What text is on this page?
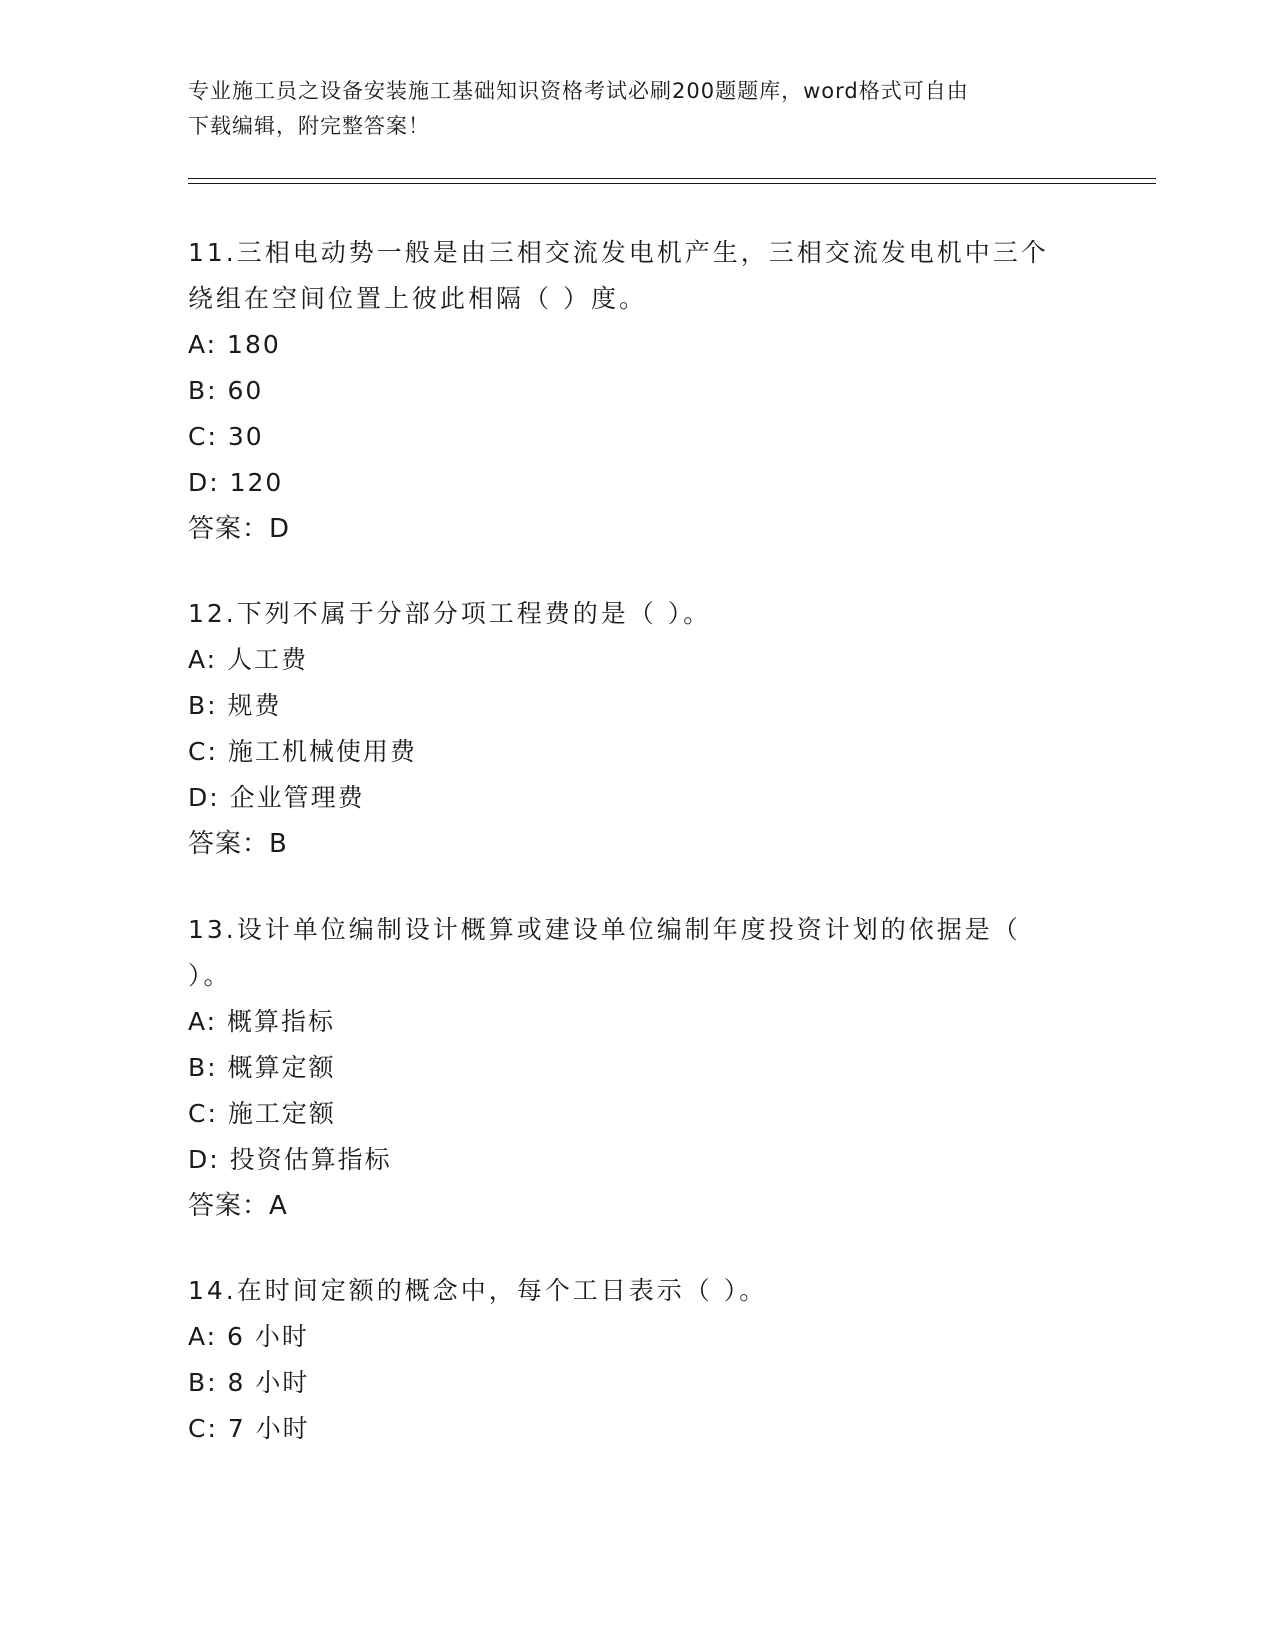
专业施工员之设备安装施工基础知识资格考试必刷200题题库，word格式可自由
下载编辑，附完整答案！
11.三相电动势一般是由三相交流发电机产生，三相交流发电机中三个
绕组在空间位置上彼此相隔（ ）度。
A: 180
B: 60
C: 30
D: 120
答案：D
12.下列不属于分部分项工程费的是（ ）。
A: 人工费
B: 规费
C: 施工机械使用费
D: 企业管理费
答案：B
13.设计单位编制设计概算或建设单位编制年度投资计划的依据是（
）。
A: 概算指标
B: 概算定额
C: 施工定额
D: 投资估算指标
答案：A
14.在时间定额的概念中，每个工日表示（ ）。
A: 6 小时
B: 8 小时
C: 7 小时
